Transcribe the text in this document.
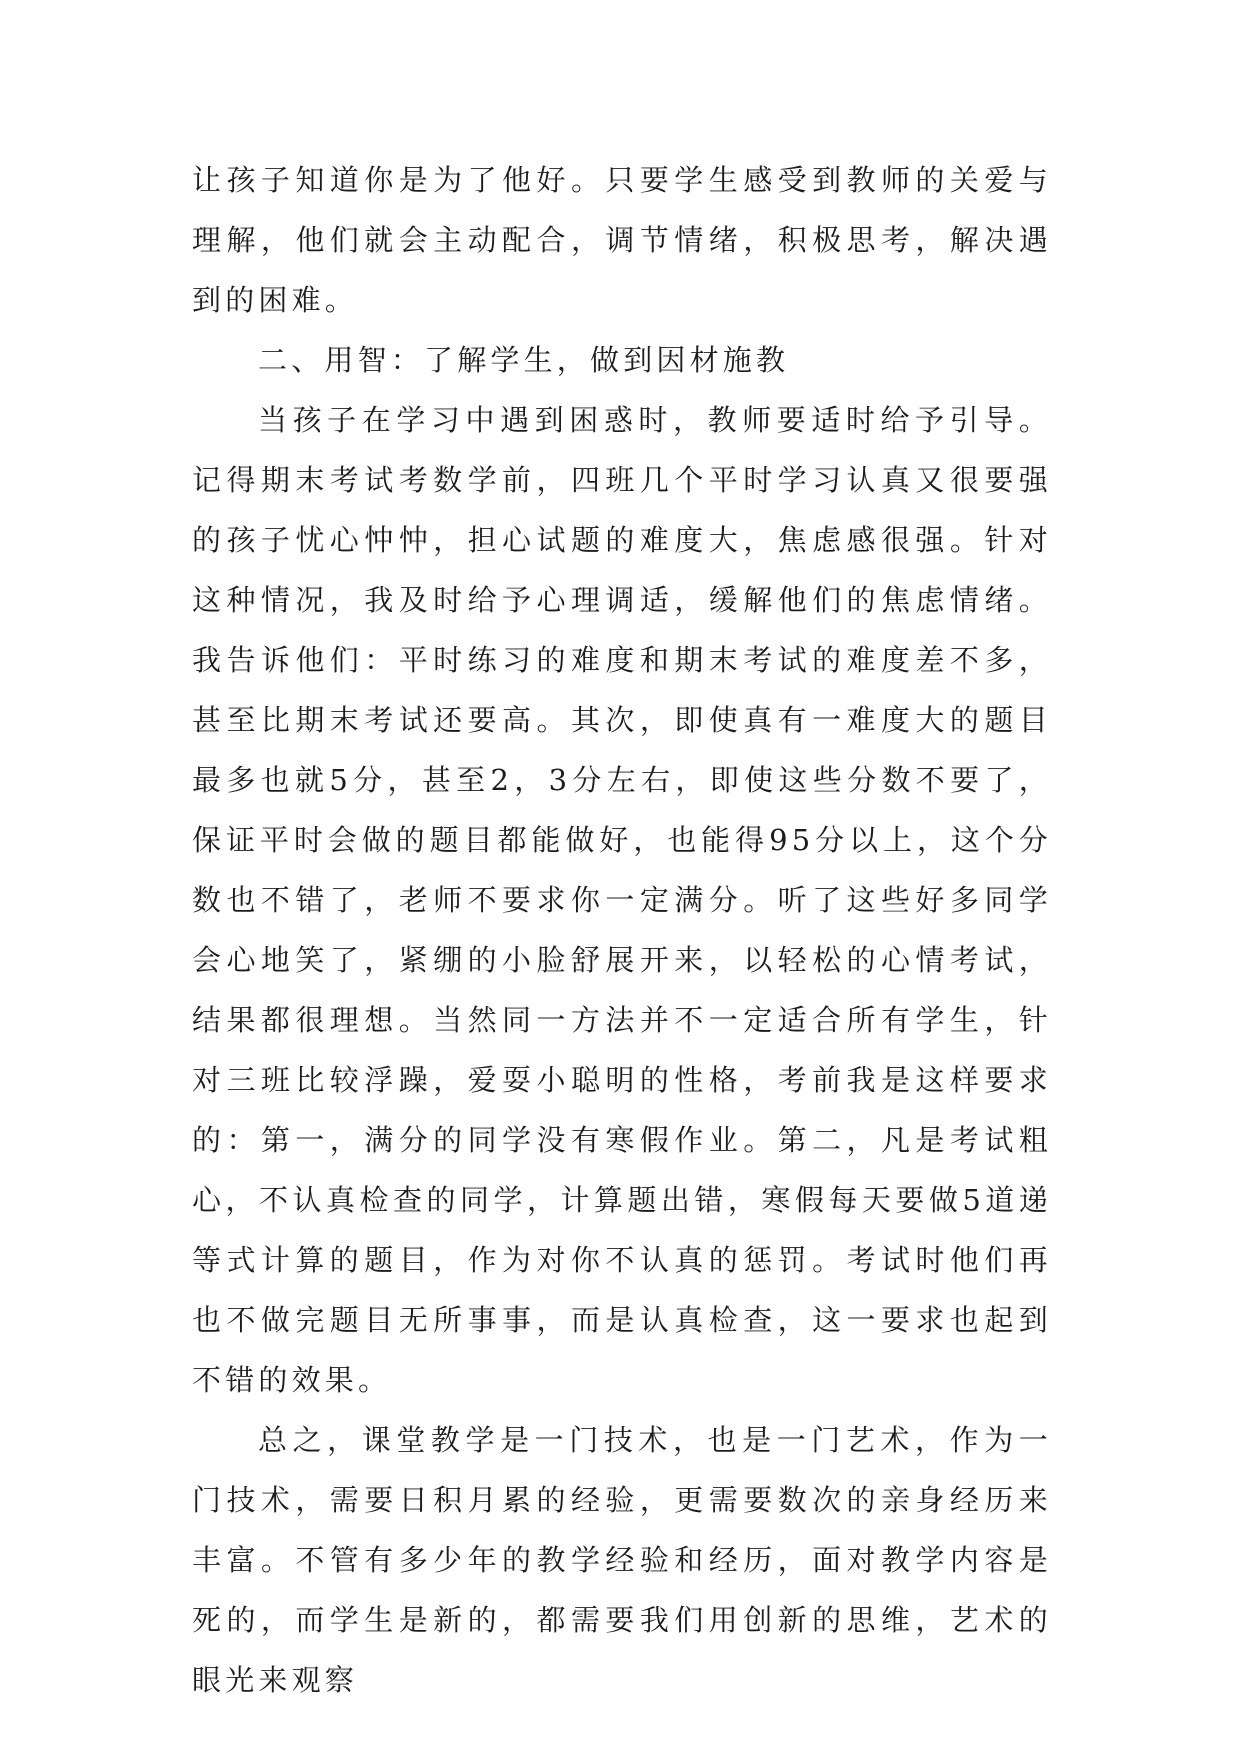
让孩子知道你是为了他好。只要学生感受到教师的关爱与理解，他们就会主动配合，调节情绪，积极思考，解决遇到的困难。

二、用智：了解学生，做到因材施教

当孩子在学习中遇到困惑时，教师要适时给予引导。记得期末考试考数学前，四班几个平时学习认真又很要强的孩子忧心忡忡，担心试题的难度大，焦虑感很强。针对这种情况，我及时给予心理调适，缓解他们的焦虑情绪。我告诉他们：平时练习的难度和期末考试的难度差不多，甚至比期末考试还要高。其次，即使真有一难度大的题目最多也就5分，甚至2，3分左右，即使这些分数不要了，保证平时会做的题目都能做好，也能得95分以上，这个分数也不错了，老师不要求你一定满分。听了这些好多同学会心地笑了，紧绷的小脸舒展开来，以轻松的心情考试，结果都很理想。当然同一方法并不一定适合所有学生，针对三班比较浮躁，爱耍小聪明的性格，考前我是这样要求的：第一，满分的同学没有寒假作业。第二，凡是考试粗心，不认真检查的同学，计算题出错，寒假每天要做5道递等式计算的题目，作为对你不认真的惩罚。考试时他们再也不做完题目无所事事，而是认真检查，这一要求也起到不错的效果。

总之，课堂教学是一门技术，也是一门艺术，作为一门技术，需要日积月累的经验，更需要数次的亲身经历来丰富。不管有多少年的教学经验和经历，面对教学内容是死的，而学生是新的，都需要我们用创新的思维，艺术的眼光来观察
